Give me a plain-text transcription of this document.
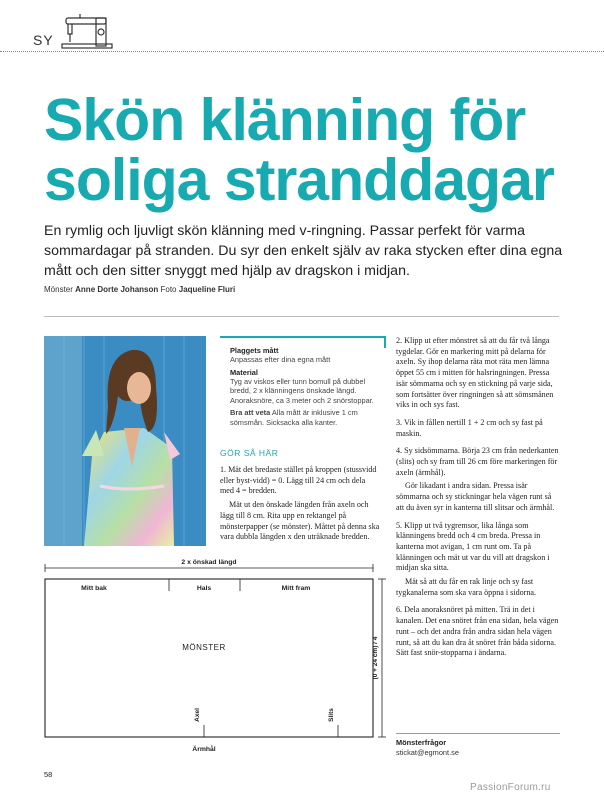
SY
Skön klänning för
soliga stranddagar
En rymlig och ljuvligt skön klänning med v-ringning. Passar perfekt för varma sommardagar på stranden. Du syr den enkelt själv av raka stycken efter dina egna mått och den sitter snyggt med hjälp av dragskon i midjan.
Mönster Anne Dorte Johanson Foto Jaqueline Fluri
Plaggets mått

Anpassas efter dina egna mått

Material

Tyg av viskos eller tunn bomull på dubbel bredd, 2 x klänningens önskade längd. Anoraksnöre, ca 3 meter och 2 snörstoppar.

Bra att veta Alla mått är inklusive 1 cm sömsmån. Sicksacka alla kanter.

GÖR SÅ HÄR

1. Mät det bredaste stället på kroppen (stussvidd eller byst-vidd) = 0. Lägg till 24 cm och dela med 4 = bredden.

Mät ut den önskade längden från axeln och lägg till 8 cm. Rita upp en rektangel på mönsterpapper (se mönster). Måttet på denna ska vara dubbla längden x den uträknade bredden.

2. Klipp ut efter mönstret så att du får två långa tygdelar. Gör en markering mitt på delarna för axeln. Sy ihop delarna räta mot räta men lämna öppet 55 cm i mitten för halsringningen. Pressa isär sömmarna och sy en stickning på varje sida, som fortsätter över ringningen så att sömsmånen viks in och sys fast.

3. Vik in fållen nertill 1 + 2 cm och sy fast på maskin.

4. Sy sidsömmarna. Börja 23 cm från nederkanten (slits) och sy fram till 26 cm före markeringen för axeln (ärmhål).

Gör likadant i andra sidan. Pressa isär sömmarna och sy stickningar hela vägen runt så att du även syr in kanterna till slitsar och ärmhål.

5. Klipp ut två tygremsor, lika långa som klänningens bredd och 4 cm breda. Pressa in kanterna mot avigan, 1 cm runt om. Ta på klänningen och mät ut var du vill att dragskon i midjan ska sitta.

Mät så att du får en rak linje och sy fast tygkanalerna som ska vara öppna i sidorna.

6. Dela anoraksnöret på mitten. Trä in det i kanalen. Det ena snöret från ena sidan, hela vägen runt – och det andra från andra sidan hela vägen runt, så att du kan dra åt snöret från båda sidorna. Sätt fast snör-stopparna i ändarna.

Mönsterfrågor
stickat@egmont.se
2 x önskad längd
Mitt bak	Hals	Mitt fram
MÖNSTER
Axel	Slits
(0 + 24 cm) / 4
Ärmhål
58
PassionForum.ru
